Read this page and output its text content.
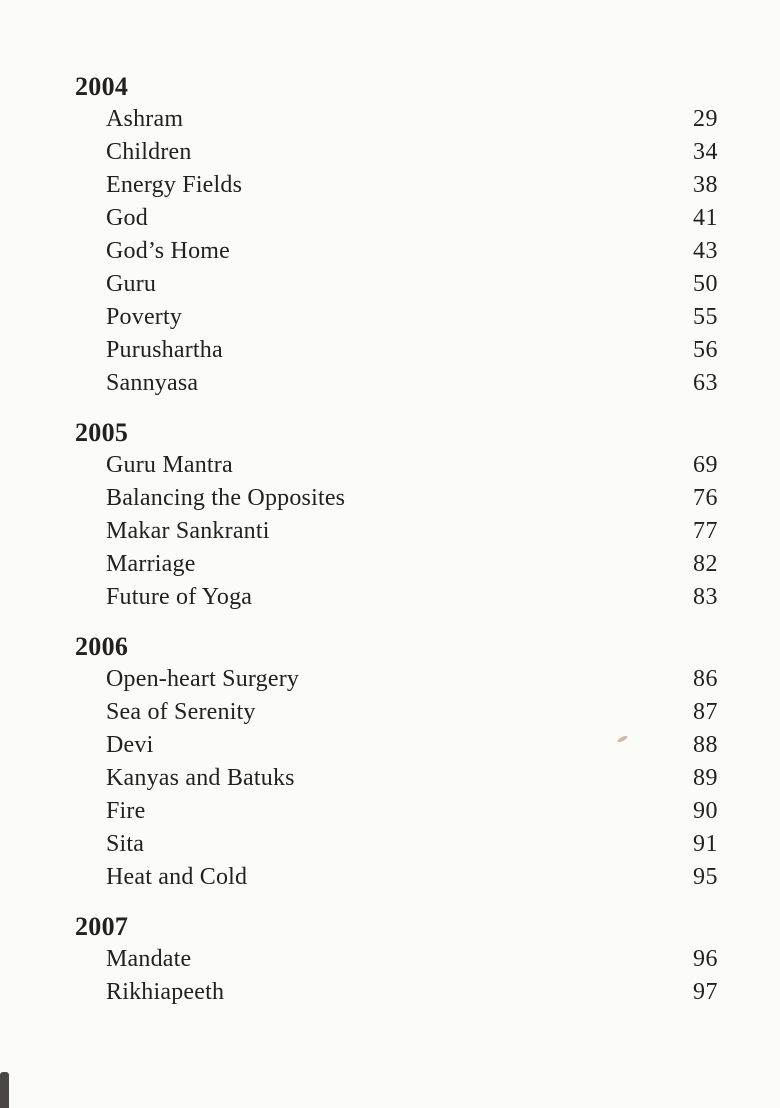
2004
Ashram	29
Children	34
Energy Fields	38
God	41
God’s Home	43
Guru	50
Poverty	55
Purushartha	56
Sannyasa	63
2005
Guru Mantra	69
Balancing the Opposites	76
Makar Sankranti	77
Marriage	82
Future of Yoga	83
2006
Open-heart Surgery	86
Sea of Serenity	87
Devi	88
Kanyas and Batuks	89
Fire	90
Sita	91
Heat and Cold	95
2007
Mandate	96
Rikhiapeeth	97
